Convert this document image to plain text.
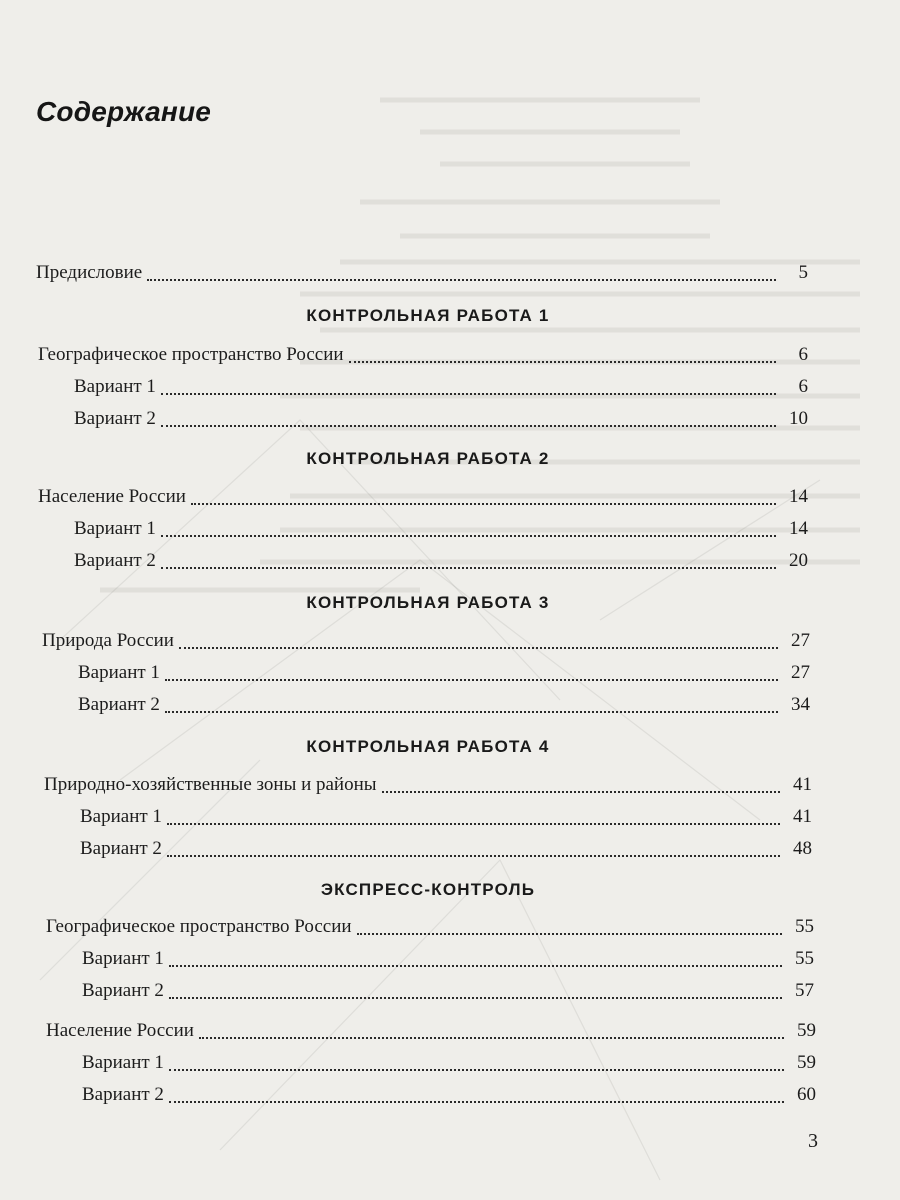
Содержание
Предисловие	5
КОНТРОЛЬНАЯ РАБОТА 1
Географическое пространство России	6
Вариант 1	6
Вариант 2	10
КОНТРОЛЬНАЯ РАБОТА 2
Население России	14
Вариант 1	14
Вариант 2	20
КОНТРОЛЬНАЯ РАБОТА 3
Природа России	27
Вариант 1	27
Вариант 2	34
КОНТРОЛЬНАЯ РАБОТА 4
Природно-хозяйственные зоны и районы	41
Вариант 1	41
Вариант 2	48
ЭКСПРЕСС-КОНТРОЛЬ
Географическое пространство России	55
Вариант 1	55
Вариант 2	57
Население России	59
Вариант 1	59
Вариант 2	60
3
